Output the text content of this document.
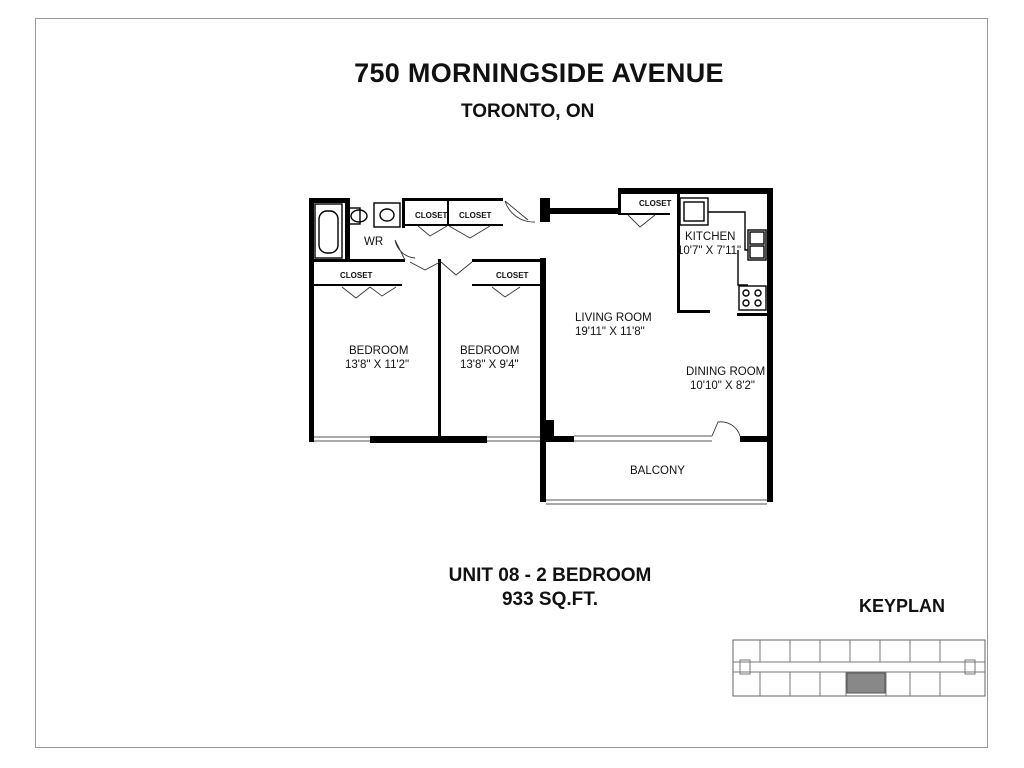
750 MORNINGSIDE AVENUE
TORONTO, ON
WR
CLOSET CLOSET
CLOSET	CLOSET
CLOSET
KITCHEN
10'7" X 7'11"
LIVING ROOM
19'11" X 11'8"
DINING ROOM
10'10" X 8'2"
BEDROOM
13'8" X 11'2"
BEDROOM
13'8" X 9'4"
BALCONY
UNIT 08 - 2 BEDROOM
933 SQ.FT.	KEYPLAN
